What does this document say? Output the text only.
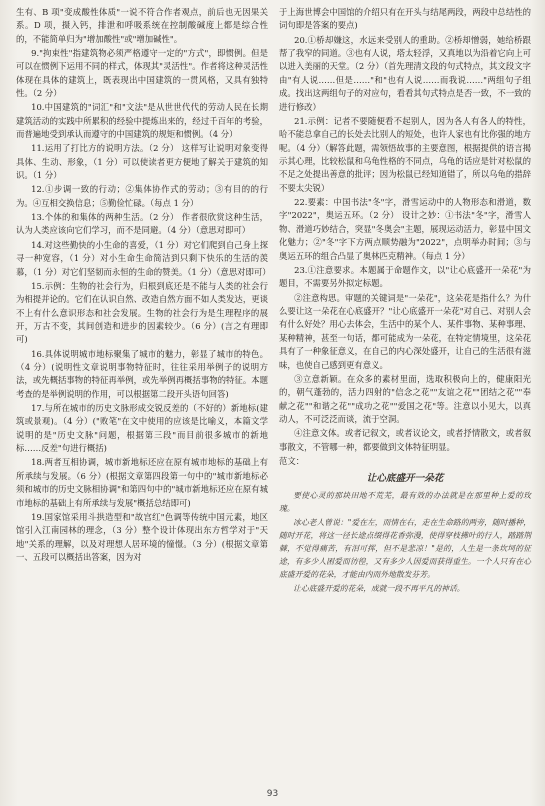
生有、B 项"变成酸性体质"一说不符合作者观点，前后也无因果关系。D 项，摄入钙，排泄和呼吸系统在控制酸碱度上都是综合性的，不能简单归为"增加酸性"或"增加碱性"。

9."拘束性"指建筑物必须严格遵守一定的"方式"，即惯例。但是可以在惯例下运用不同的样式，体现其"灵活性"。作者将这种灵活性体现在具体的建筑上，既表现出中国建筑的一贯风格，又具有独特性。（2 分）

10.中国建筑的"词汇"和"文法"是从世世代代的劳动人民在长期建筑活动的实践中所累积的经验中提炼出来的，经过千百年的考验，而普遍地受到承认而遵守的中国建筑的规矩和惯例。（4 分）

11.运用了打比方的说明方法。（2 分） 这样写让说明对象变得具体、生动、形象，（1 分）可以使读者更方便地了解关于建筑的知识。（1 分）

12.①步调一致的行动；②集体协作式的劳动；③有目的的行为。④互相交换信息；⑤勤俭忙碌。（每点 1 分）

13.个体的和集体的两种生活。（2 分） 作者很欣赏这种生活，认为人类应该向它们学习，而不是同避。（4 分）（意思对即可）

14.对这些勤快的小生命的喜爱，（1 分）对它们爬到自己身上探寻一种宽容，（1 分）对小生命生命简洁到只剩下快乐的生活的羡慕，（1 分）对它们坚韧而永恒的生命的赞美。（1 分）（意思对即可）

15.示例：生物的社会行为，归根到底还是不能与人类的社会行为相提并论的。它们在认识自然、改造自然方面不如人类发达，更谈不上有什么意识形态和社会发展。生物的社会行为是生理程序的展开，万古不变，其间创造和进步的因素较少。（6 分）(言之有理即可)

16.具体说明城市地标聚集了城市的魅力，彰显了城市的特色。（4 分）(说明性文章说明事物特征时，往往采用举例子的说明方法，或先概括事物的特征再举例，或先举例再概括事物的特征。本题考查的是举例说明的作用，可以根据第二段开头语句回答)

17.与所在城市的历史文脉形成交锐反差的（不好的）新地标(建筑或景观)。（4 分）("败笔"在文中使用的应该是比喻义，本篇文学说明的是"历史文脉"问题，根据第三段"而目前很多城市的新地标……反差"句进行概括)

18.两者互相协调，城市新地标还应在原有城市地标的基础上有所承续与发展。（6 分）(根据文章第四段第一句中的"城市新地标必须和城市的历史文脉相协调"和第四句中的"城市新地标还应在原有城市地标的基础上有所承续与发展"概括总结即可)

19.国家馆采用斗拱造型和"故宫红"色调等传统中国元素，地区馆引入江南园林的理念，（3 分）整个设计体现出东方哲学对于"天地"关系的理解，以及对理想人居环境的憧憬。（3 分）(根据文章第一、五段可以概括出答案，因为对

于上海世博会中国馆的介绍只有在开头与结尾两段，两段中总结性的词句即是答案的要点)

20.①桥却嫌这，水远来受别人的重助。②桥却憎弱，她给桥跟帮了我窄的同道。③也有人说，塔太轻浮，又真地以为沿着它向上可以进入美丽的天堂。（2 分）（首先理清文段的句式特点，其文段文字由"有人说……但是……"和"也有人说……而我说……"两组句子组成。找出这两组句子的对应句，看看其句式特点是否一致，不一致的进行修改）

21.示例：记者不要随便看不起别人，因为各人有各人的特性，哈不能总拿自己的长处去比别人的短处，也许人家也有比你强的地方呢。（4 分）（解答此题，需领悟故事的主要意图，根据提供的语言揭示其心理，比较松鼠和乌龟性格的不同点，乌龟的话应是针对松鼠的不足之处提出善意的批评；因为松鼠已经知道错了，所以乌龟的措辞不要太尖锐）

22.要素：中国书法"冬"字，滑雪运动中的人物形态和滑道，数字"2022"，奥运五环。（2 分） 设计之妙：①书法"冬"字，滑雪人物、滑道巧妙结合，突显"冬奥会"主题，展现运动活力，彰显中国文化魅力；②"冬"字下方两点顺势融为"2022"，点明举办时间；③与奥运五环的组合凸显了奥林匹克精神。（每点 1 分）

23.①注意要求。本题属于命题作文，以"让心底盛开一朵花"为题目，不需要另外拟定标题。

②注意构思。审题的关键词是"一朵花"，这朵花是指什么？为什么要让这一朵花在心底盛开？"让心底盛开一朵花"对自己、对别人会有什么好处？用心去体会，生活中的某个人、某件事物、某种事理、某种精神，甚至一句话，都可能成为一朵花，在特定情境里，这朵花具有了一种象征意义，在自己的内心深处盛开，让自己的生活很有滋味，也使自己感到更有意义。

③立意新颖。在众多的素材里面，选取积极向上的，健康阳光的，朝气蓬勃的，活力四射的"信念之花""友谊之花""团结之花""奉献之花""和谐之花""成功之花""爱国之花"等。注意以小见大，以真动人，不可泛泛而谈，流于空洞。

④注意文体。或者记叙文，或者议论文，或者抒情散文，或者叙事散文，不管哪一种，都要做到文体特征明显。

范文：

让心底盛开一朵花

要使心灵的那块田地不荒芜，最有效的办法就是在那里种上爱的玫瑰。

冰心老人曾说："爱在左，而情在右，走在生命路的两旁，随时播种，随时开花，将这一径长途点缀得花香弥漫，使得穿枝拂叶的行人，踏踏荆棘，不觉得痛苦，有泪可挥，但不是悲凉！"是的，人生是一条坎坷的征途，有多少人困爱而彷徨，又有多少人因爱而获得重生。一个人只有在心底盛开爱的花朵，才能由内而外地散发芬芳。

让心底盛开爱的花朵，成就一段不再平凡的神话。

93
